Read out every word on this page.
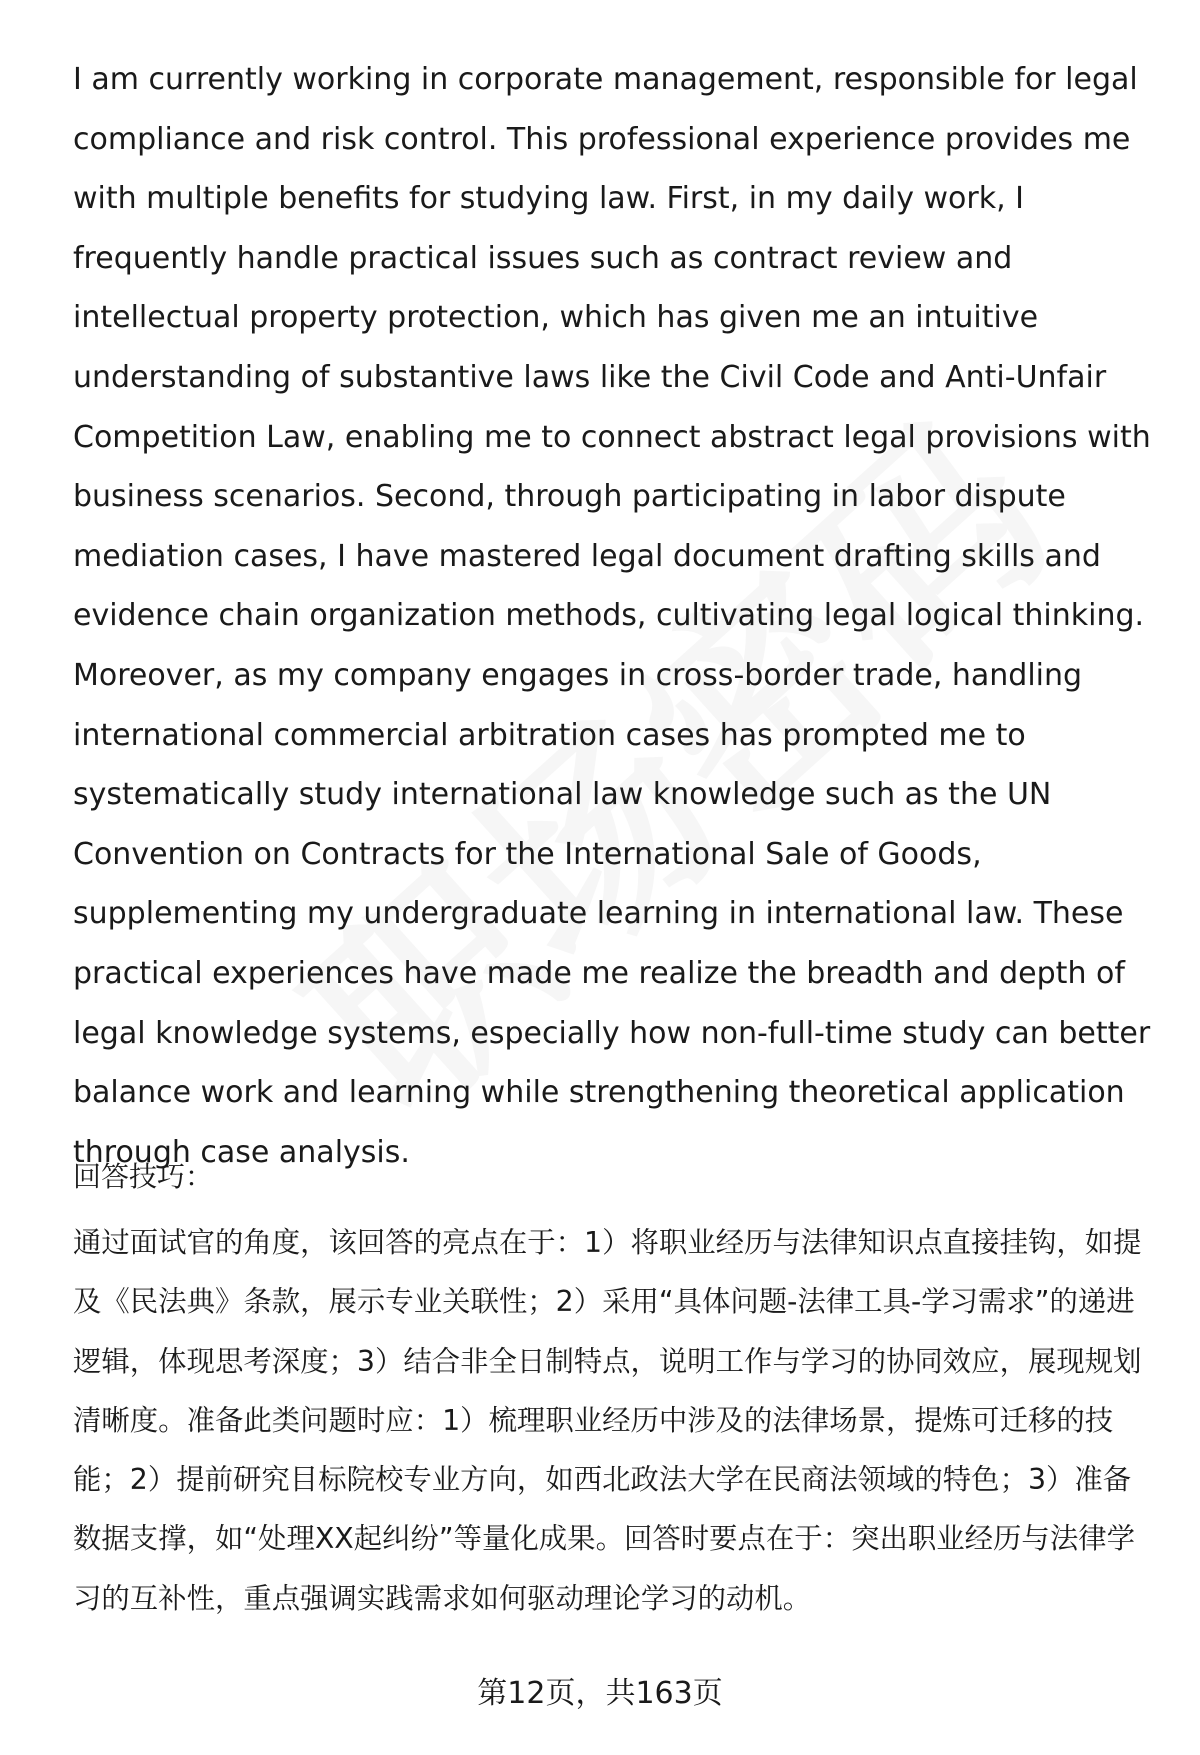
I am currently working in corporate management, responsible for legal compliance and risk control. This professional experience provides me with multiple benefits for studying law. First, in my daily work, I frequently handle practical issues such as contract review and intellectual property protection, which has given me an intuitive understanding of substantive laws like the Civil Code and Anti-Unfair Competition Law, enabling me to connect abstract legal provisions with business scenarios. Second, through participating in labor dispute mediation cases, I have mastered legal document drafting skills and evidence chain organization methods, cultivating legal logical thinking. Moreover, as my company engages in cross-border trade, handling international commercial arbitration cases has prompted me to systematically study international law knowledge such as the UN Convention on Contracts for the International Sale of Goods, supplementing my undergraduate learning in international law. These practical experiences have made me realize the breadth and depth of legal knowledge systems, especially how non-full-time study can better balance work and learning while strengthening theoretical application through case analysis.

回答技巧：

通过面试官的角度，该回答的亮点在于：1）将职业经历与法律知识点直接挂钩，如提及《民法典》条款，展示专业关联性；2）采用“具体问题-法律工具-学习需求”的递进逻辑，体现思考深度；3）结合非全日制特点，说明工作与学习的协同效应，展现规划清晰度。准备此类问题时应：1）梳理职业经历中涉及的法律场景，提炼可迁移的技能；2）提前研究目标院校专业方向，如西北政法大学在民商法领域的特色；3）准备数据支撑，如“处理XX起纠纷”等量化成果。回答时要点在于：突出职业经历与法律学习的互补性，重点强调实践需求如何驱动理论学习的动机。

第12页，共163页
